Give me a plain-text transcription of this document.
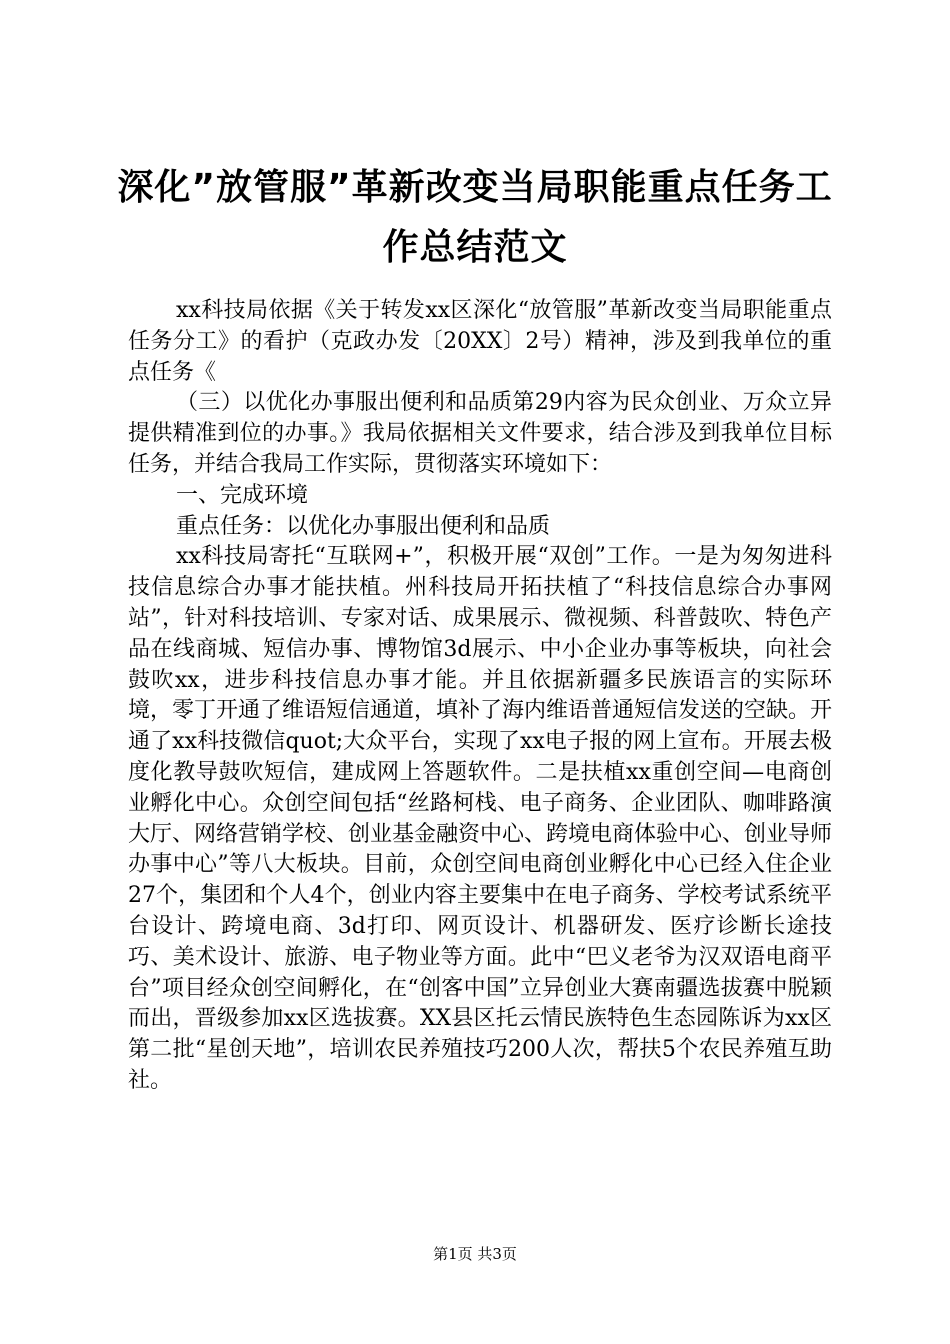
深化”放管服”革新改变当局职能重点任务工作总结范文

xx科技局依据《关于转发xx区深化“放管服”革新改变当局职能重点任务分工》的看护（克政办发〔20XX〕2号）精神，涉及到我单位的重点任务《

（三）以优化办事服出便利和品质第29内容为民众创业、万众立异提供精准到位的办事。》我局依据相关文件要求，结合涉及到我单位目标任务，并结合我局工作实际，贯彻落实环境如下：

一、完成环境

重点任务：以优化办事服出便利和品质

xx科技局寄托“互联网+”，积极开展“双创”工作。一是为匆匆进科技信息综合办事才能扶植。州科技局开拓扶植了“科技信息综合办事网站”，针对科技培训、专家对话、成果展示、微视频、科普鼓吹、特色产品在线商城、短信办事、博物馆3d展示、中小企业办事等板块，向社会鼓吹xx，进步科技信息办事才能。并且依据新疆多民族语言的实际环境，零丁开通了维语短信通道，填补了海内维语普通短信发送的空缺。开通了xx科技微信quot;大众平台，实现了xx电子报的网上宣布。开展去极度化教导鼓吹短信，建成网上答题软件。二是扶植xx重创空间—电商创业孵化中心。众创空间包括“丝路柯栈、电子商务、企业团队、咖啡路演大厅、网络营销学校、创业基金融资中心、跨境电商体验中心、创业导师办事中心”等八大板块。目前，众创空间电商创业孵化中心已经入住企业27个，集团和个人4个，创业内容主要集中在电子商务、学校考试系统平台设计、跨境电商、3d打印、网页设计、机器研发、医疗诊断长途技巧、美术设计、旅游、电子物业等方面。此中“巴义老爷为汉双语电商平台”项目经众创空间孵化，在“创客中国”立异创业大赛南疆选拔赛中脱颖而出，晋级参加xx区选拔赛。XX县区托云情民族特色生态园陈诉为xx区第二批“星创天地”，培训农民养殖技巧200人次，帮扶5个农民养殖互助社。

第1页 共3页
